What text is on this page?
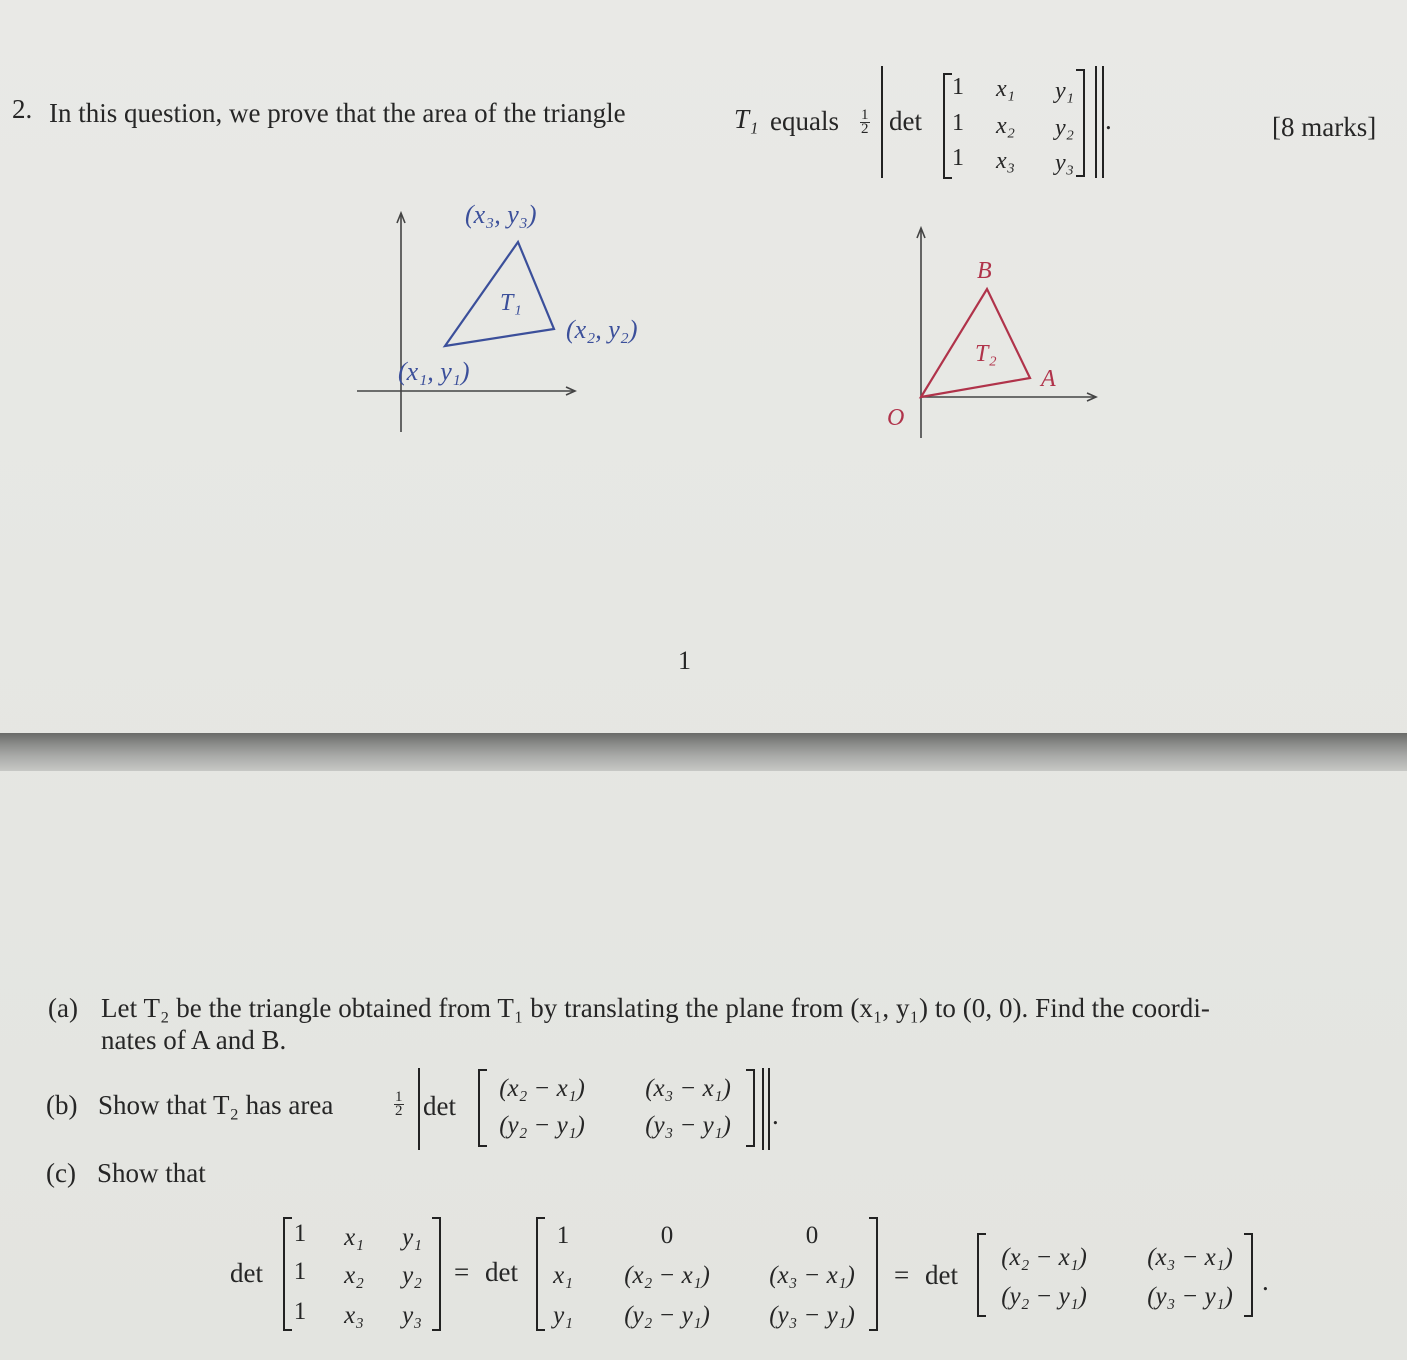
2. In this question, we prove that the area of the triangle	T₁ equals $\frac{1}{2}$ det
1 x₁ y₁
1 x₂ y₂
1 x₃ y₃
.	[8 marks]
(x₃, y₃)
T₁
(x₂, y₂)
(x₁, y₁)
B
T₂
A
O
1
(a) Let T₂ be the triangle obtained from T₁ by translating the plane from (x₁, y₁) to (0, 0). Find the coordi-
nates of A and B.
(b) Show that T₂ has area	$\frac{1}{2}$ det
(x₂ − x₁) (x₃ − x₁)
(y₂ − y₁) (y₃ − y₁) .
(c) Show that
det
1 x₁ y₁
1 x₂ y₂
1 x₃ y₃
= det
1	0	0
x₁ (x₂ − x₁) (x₃ − x₁)
y₁ (y₂ − y₁) (y₃ − y₁)
= det
(x₂ − x₁) (x₃ − x₁)
(y₂ − y₁) (y₃ − y₁)
.
